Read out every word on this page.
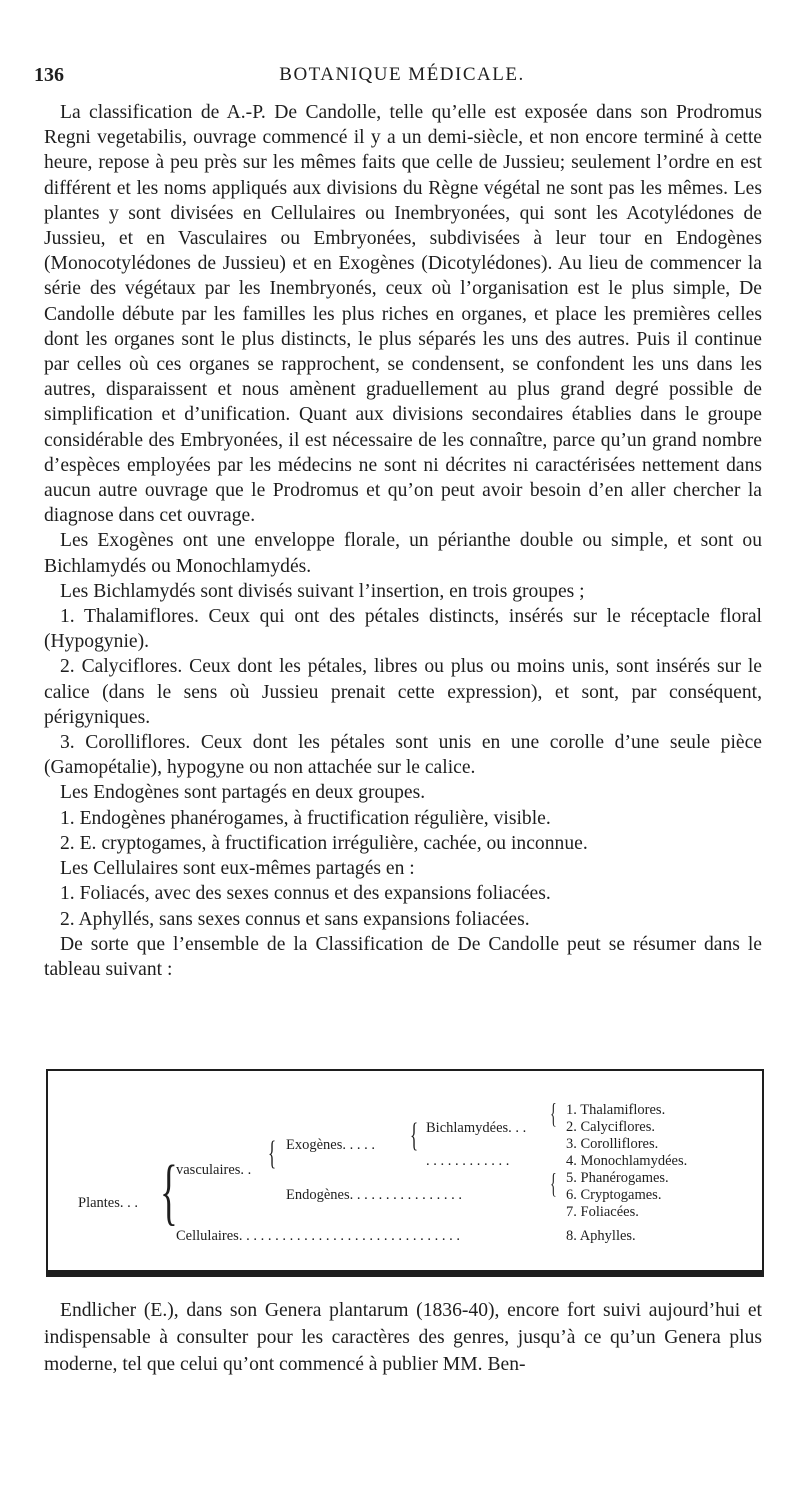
136	BOTANIQUE MÉDICALE.

La classification de A.-P. De Candolle, telle qu’elle est exposée dans son Prodromus Regni vegetabilis, ouvrage commencé il y a un demi-siècle, et non encore terminé à cette heure, repose à peu près sur les mêmes faits que celle de Jussieu; seulement l’ordre en est différent et les noms appliqués aux divisions du Règne végétal ne sont pas les mêmes. Les plantes y sont divisées en Cellulaires ou Inembryonées, qui sont les Acotylédones de Jussieu, et en Vasculaires ou Embryonées, subdivisées à leur tour en Endogènes (Monocotylédones de Jussieu) et en Exogènes (Dicotylédones). Au lieu de commencer la série des végétaux par les Inembryonés, ceux où l’organisation est le plus simple, De Candolle débute par les familles les plus riches en organes, et place les premières celles dont les organes sont le plus distincts, le plus séparés les uns des autres. Puis il continue par celles où ces organes se rapprochent, se condensent, se confondent les uns dans les autres, disparaissent et nous amènent graduellement au plus grand degré possible de simplification et d’unification. Quant aux divisions secondaires établies dans le groupe considérable des Embryonées, il est nécessaire de les connaître, parce qu’un grand nombre d’espèces employées par les médecins ne sont ni décrites ni caractérisées nettement dans aucun autre ouvrage que le Prodromus et qu’on peut avoir besoin d’en aller chercher la diagnose dans cet ouvrage.

Les Exogènes ont une enveloppe florale, un périanthe double ou simple, et sont ou Bichlamydés ou Monochlamydés.

Les Bichlamydés sont divisés suivant l’insertion, en trois groupes ;

1. Thalamiflores. Ceux qui ont des pétales distincts, insérés sur le réceptacle floral (Hypogynie).

2. Calyciflores. Ceux dont les pétales, libres ou plus ou moins unis, sont insérés sur le calice (dans le sens où Jussieu prenait cette expression), et sont, par conséquent, périgyniques.

3. Corolliflores. Ceux dont les pétales sont unis en une corolle d’une seule pièce (Gamopétalie), hypogyne ou non attachée sur le calice.

Les Endogènes sont partagés en deux groupes.

1. Endogènes phanérogames, à fructification régulière, visible.

2. E. cryptogames, à fructification irrégulière, cachée, ou inconnue.

Les Cellulaires sont eux-mêmes partagés en :

1. Foliacés, avec des sexes connus et des expansions foliacées.

2. Aphyllés, sans sexes connus et sans expansions foliacées.

De sorte que l’ensemble de la Classification de De Candolle peut se résumer dans le tableau suivant :

Plantes. . . {
vasculaires. .
Cellulaires. . . . . . . . . . . . . . . . . . . . . . . . . . . . . . .
{ Exogènes. . . . .
Endogènes. . . . . . . . . . . . . . . .
{ Bichlamydées. . .
. . . . . . . . . . . .
{
{
1. Thalamiflores.
2. Calyciflores.
3. Corolliflores.
4. Monochlamydées.
5. Phanérogames.
6. Cryptogames.
7. Foliacées.
8. Aphylles.

Endlicher (E.), dans son Genera plantarum (1836-40), encore fort suivi aujourd’hui et indispensable à consulter pour les caractères des genres, jusqu’à ce qu’un Genera plus moderne, tel que celui qu’ont commencé à publier MM. Ben-
